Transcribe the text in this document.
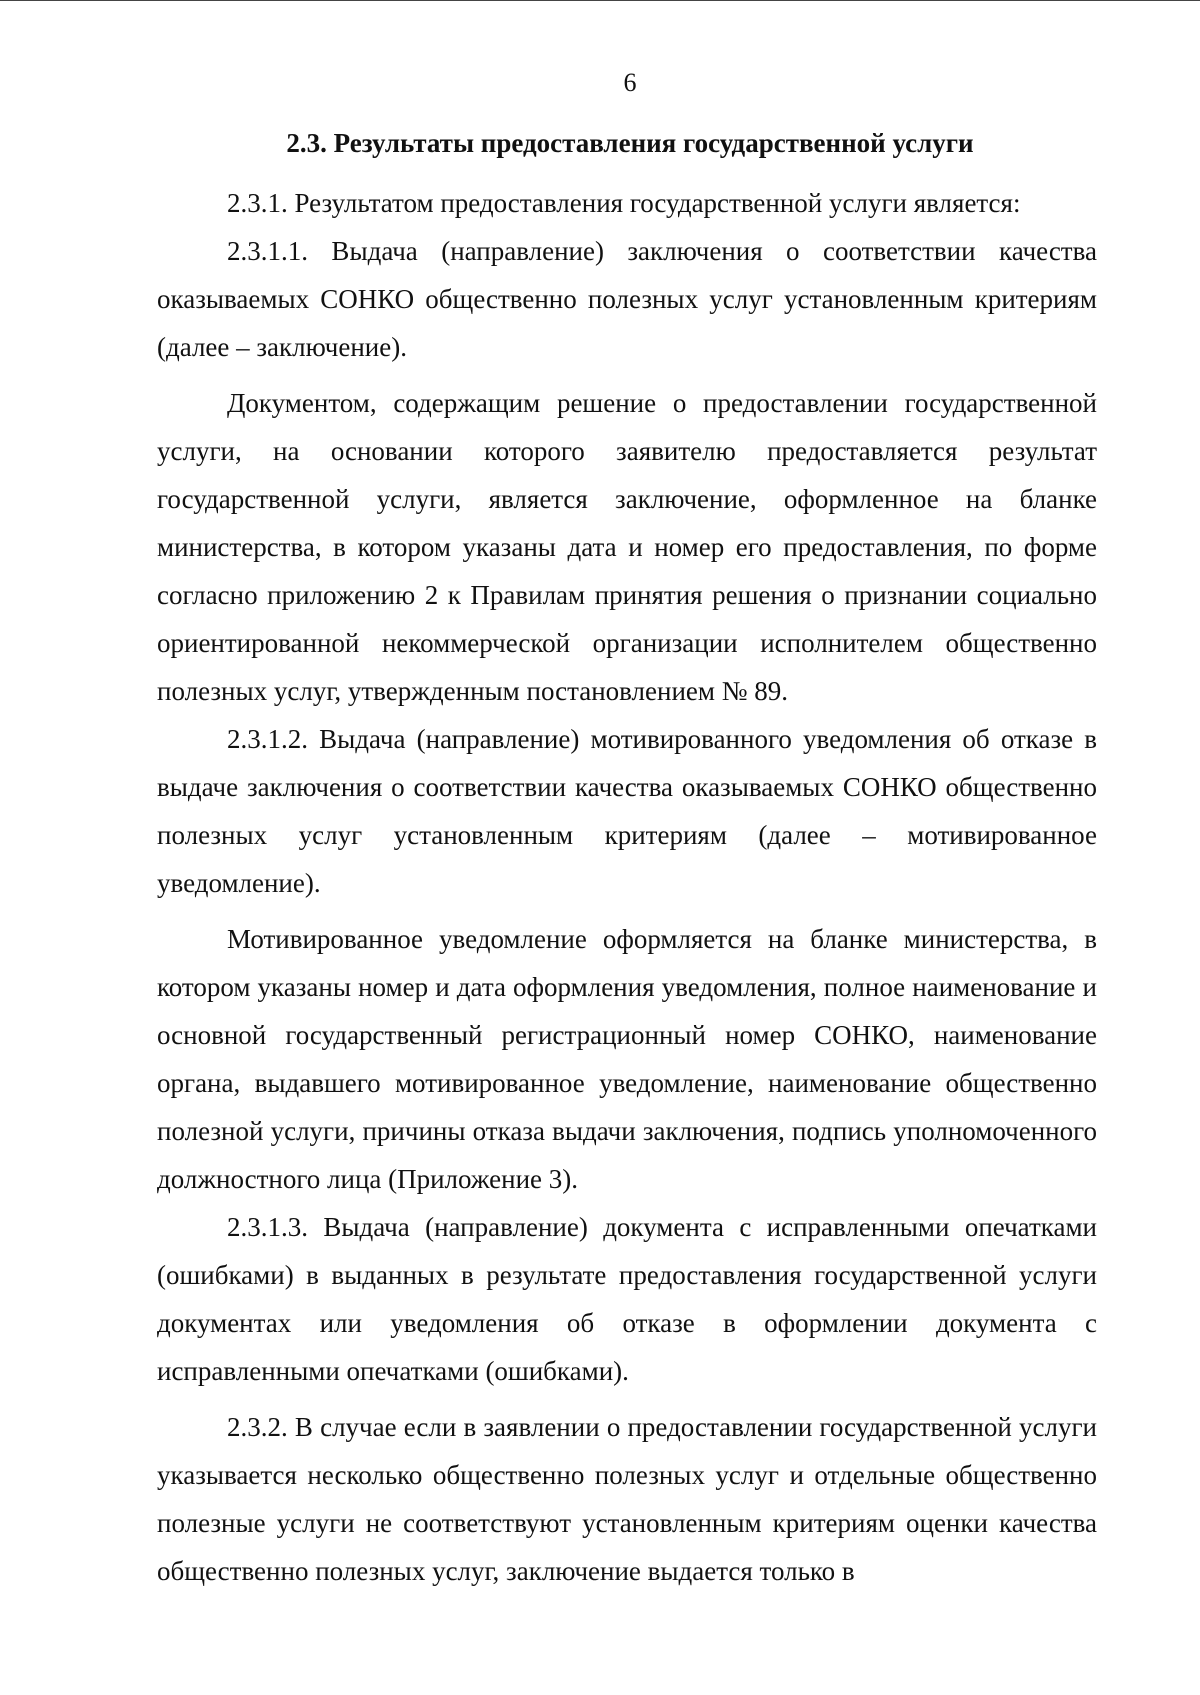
6
2.3. Результаты предоставления государственной услуги

2.3.1. Результатом предоставления государственной услуги является:

2.3.1.1. Выдача (направление) заключения о соответствии качества оказываемых СОНКО общественно полезных услуг установленным критериям (далее – заключение).

Документом, содержащим решение о предоставлении государственной услуги, на основании которого заявителю предоставляется результат государственной услуги, является заключение, оформленное на бланке министерства, в котором указаны дата и номер его предоставления, по форме согласно приложению 2 к Правилам принятия решения о признании социально ориентированной некоммерческой организации исполнителем общественно полезных услуг, утвержденным постановлением № 89.

2.3.1.2. Выдача (направление) мотивированного уведомления об отказе в выдаче заключения о соответствии качества оказываемых СОНКО общественно полезных услуг установленным критериям (далее – мотивированное уведомление).

Мотивированное уведомление оформляется на бланке министерства, в котором указаны номер и дата оформления уведомления, полное наименование и основной государственный регистрационный номер СОНКО, наименование органа, выдавшего мотивированное уведомление, наименование общественно полезной услуги, причины отказа выдачи заключения, подпись уполномоченного должностного лица (Приложение 3).

2.3.1.3. Выдача (направление) документа с исправленными опечатками (ошибками) в выданных в результате предоставления государственной услуги документах или уведомления об отказе в оформлении документа с исправленными опечатками (ошибками).

2.3.2. В случае если в заявлении о предоставлении государственной услуги указывается несколько общественно полезных услуг и отдельные общественно полезные услуги не соответствуют установленным критериям оценки качества общественно полезных услуг, заключение выдается только в
